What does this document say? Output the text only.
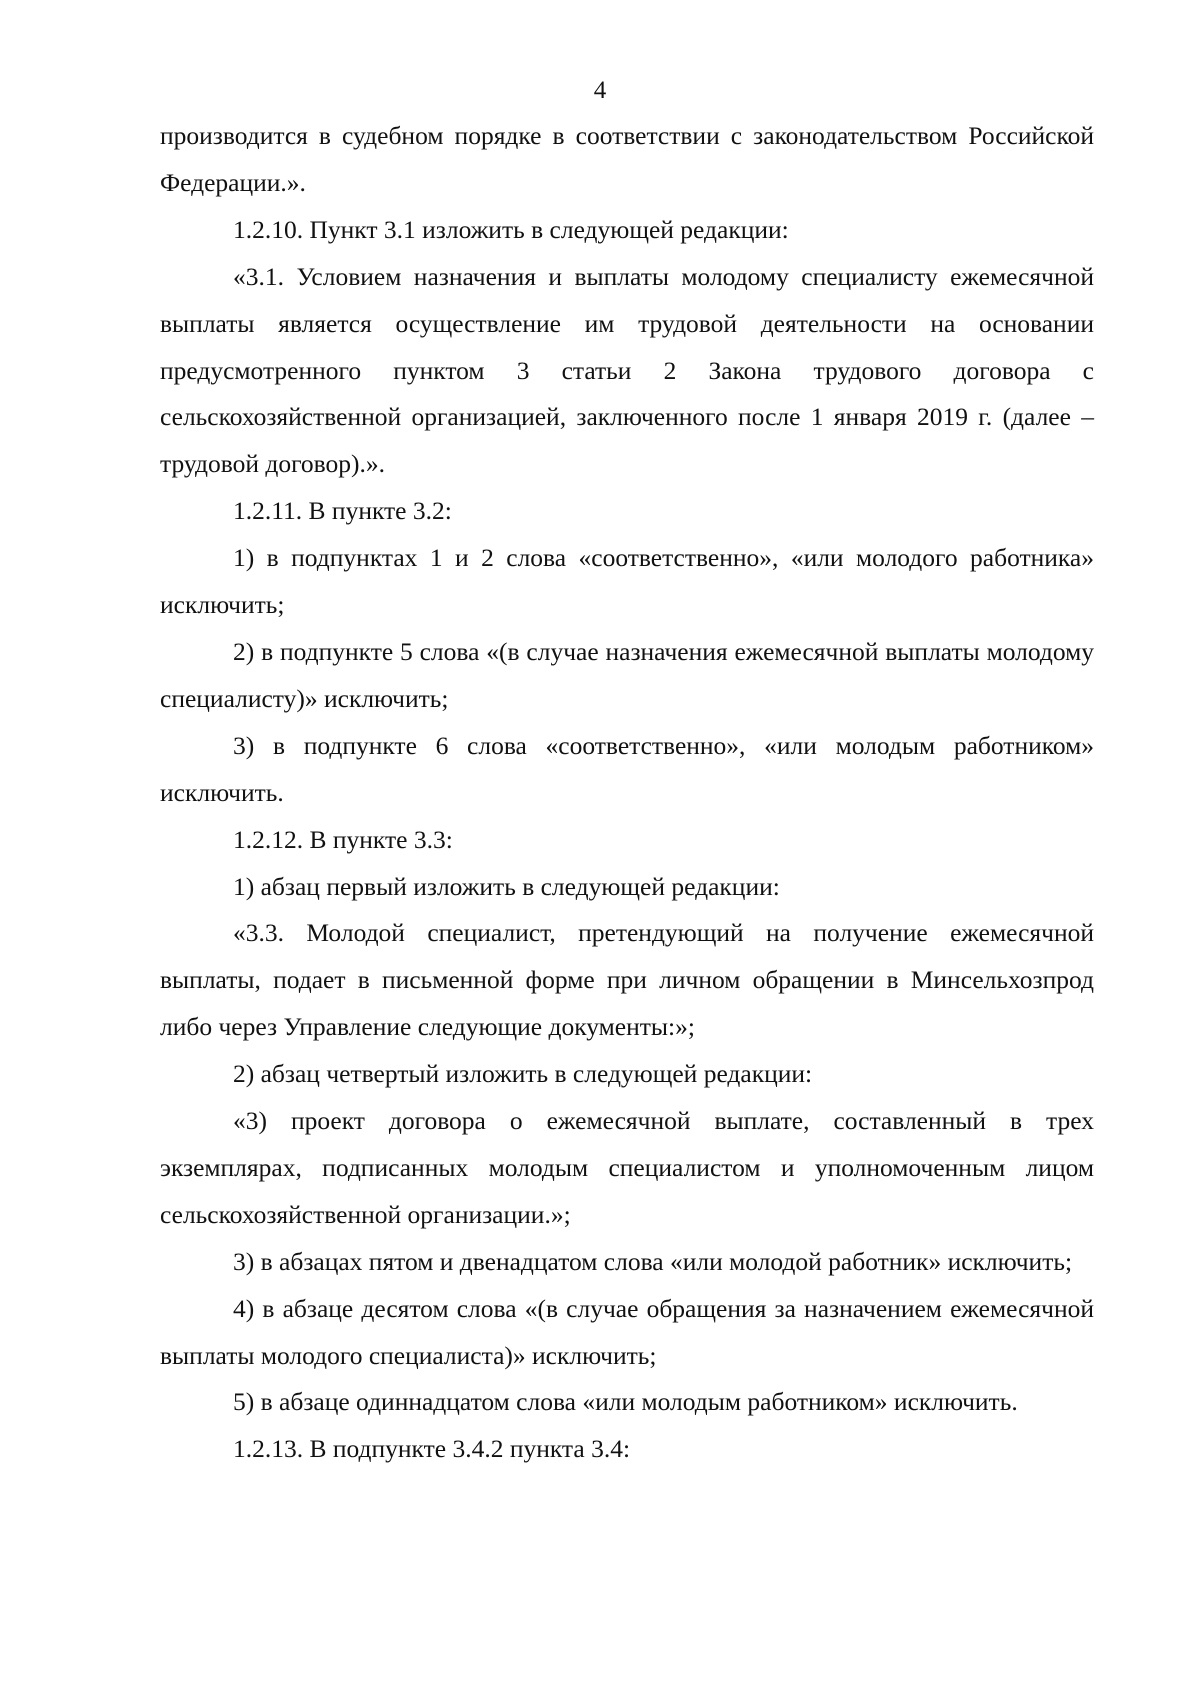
4

производится в судебном порядке в соответствии с законодательством Российской Федерации.».

1.2.10. Пункт 3.1 изложить в следующей редакции:

«3.1. Условием назначения и выплаты молодому специалисту ежемесячной выплаты является осуществление им трудовой деятельности на основании предусмотренного пунктом 3 статьи 2 Закона трудового договора с сельскохозяйственной организацией, заключенного после 1 января 2019 г. (далее – трудовой договор).».

1.2.11. В пункте 3.2:

1) в подпунктах 1 и 2 слова «соответственно», «или молодого работника» исключить;

2) в подпункте 5 слова «(в случае назначения ежемесячной выплаты молодому специалисту)» исключить;

3) в подпункте 6 слова «соответственно», «или молодым работником» исключить.

1.2.12. В пункте 3.3:

1) абзац первый изложить в следующей редакции:

«3.3. Молодой специалист, претендующий на получение ежемесячной выплаты, подает в письменной форме при личном обращении в Минсельхозпрод либо через Управление следующие документы:»;

2) абзац четвертый изложить в следующей редакции:

«3) проект договора о ежемесячной выплате, составленный в трех экземплярах, подписанных молодым специалистом и уполномоченным лицом сельскохозяйственной организации.»;

3) в абзацах пятом и двенадцатом слова «или молодой работник» исключить;

4) в абзаце десятом слова «(в случае обращения за назначением ежемесячной выплаты молодого специалиста)» исключить;

5) в абзаце одиннадцатом слова «или молодым работником» исключить.

1.2.13. В подпункте 3.4.2 пункта 3.4:
